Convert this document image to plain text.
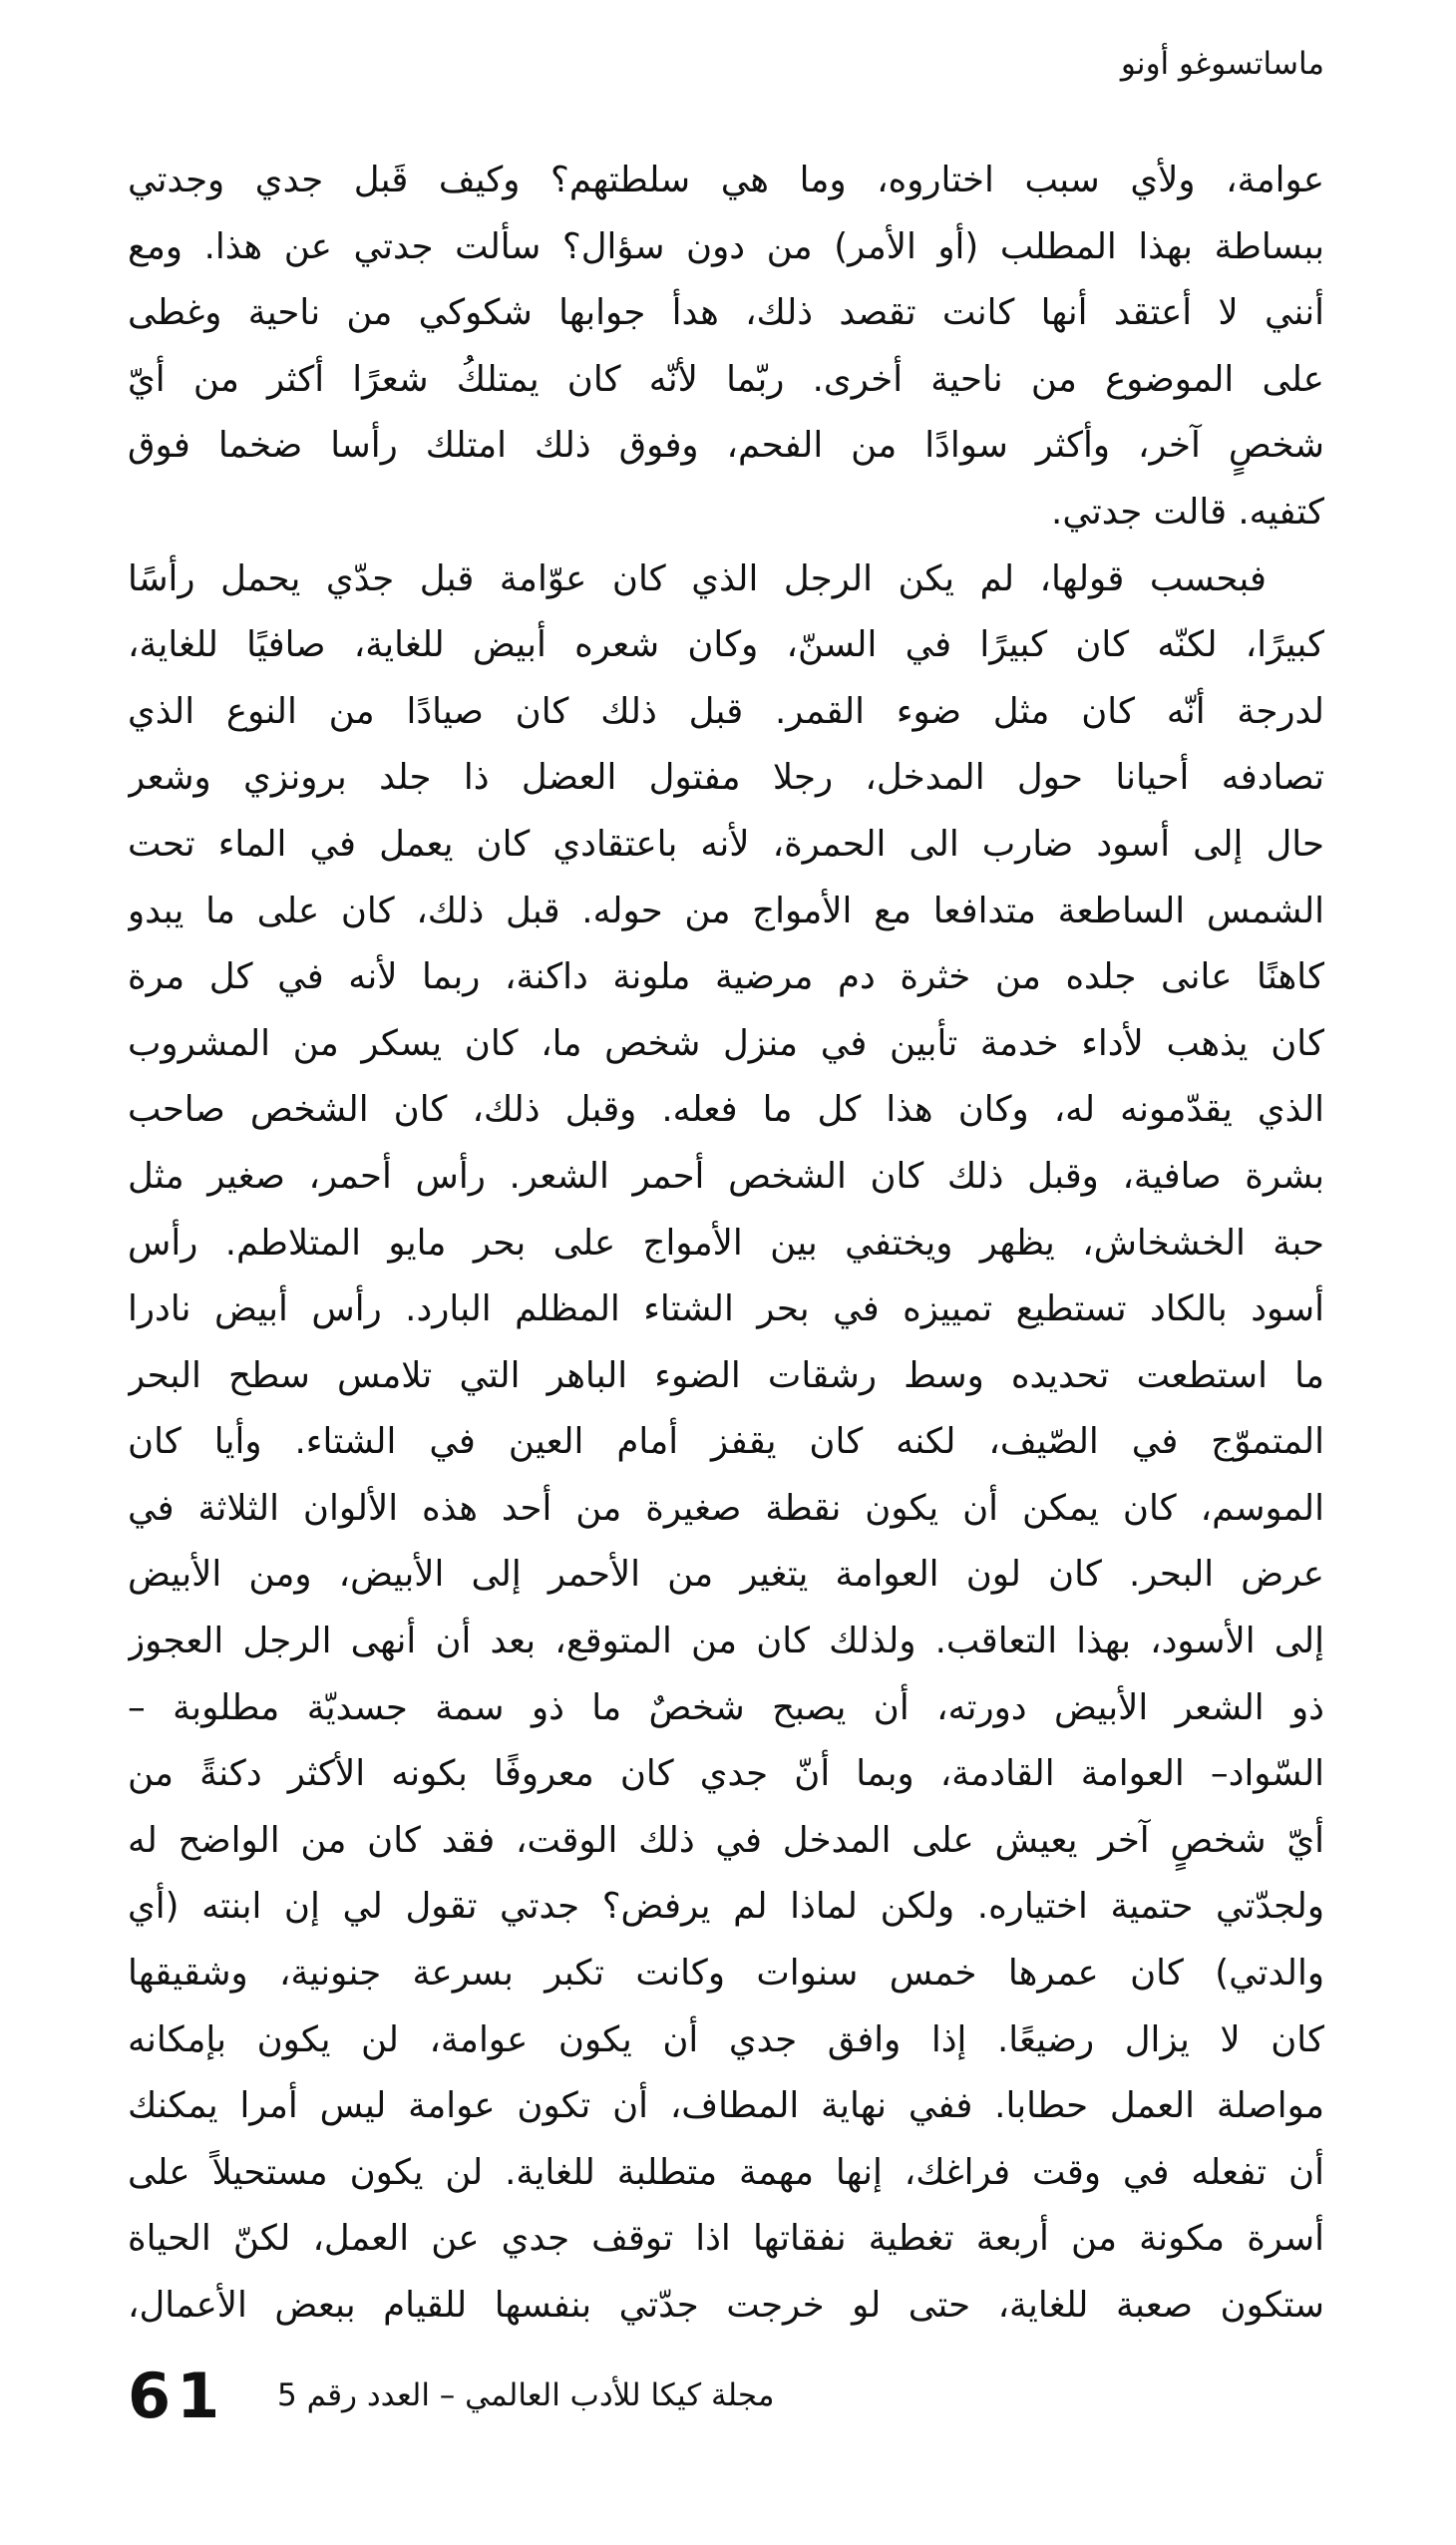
ماساتسوغو أونو
عوامة، ولأي سبب اختاروه، وما هي سلطتهم؟ وكيف قَبل جدي وجدتي
ببساطة بهذا المطلب (أو الأمر) من دون سؤال؟ سألت جدتي عن هذا. ومع
أنني لا أعتقد أنها كانت تقصد ذلك، هدأ جوابها شكوكي من ناحية وغطى
على الموضوع من ناحية أخرى. ربّما لأنّه كان يمتلكُ شعرًا أكثر من أيّ
شخصٍ آخر، وأكثر سوادًا من الفحم، وفوق ذلك امتلك رأسا ضخما فوق
كتفيه. قالت جدتي.
فبحسب قولها، لم يكن الرجل الذي كان عوّامة قبل جدّي يحمل رأسًا
كبيرًا، لكنّه كان كبيرًا في السنّ، وكان شعره أبيض للغاية، صافيًا للغاية،
لدرجة أنّه كان مثل ضوء القمر. قبل ذلك كان صيادًا من النوع الذي
تصادفه أحيانا حول المدخل، رجلا مفتول العضل ذا جلد برونزي وشعر
حال إلى أسود ضارب الى الحمرة، لأنه باعتقادي كان يعمل في الماء تحت
الشمس الساطعة متدافعا مع الأمواج من حوله. قبل ذلك، كان على ما يبدو
كاهنًا عانى جلده من خثرة دم مرضية ملونة داكنة، ربما لأنه في كل مرة
كان يذهب لأداء خدمة تأبين في منزل شخص ما، كان يسكر من المشروب
الذي يقدّمونه له، وكان هذا كل ما فعله. وقبل ذلك، كان الشخص صاحب
بشرة صافية، وقبل ذلك كان الشخص أحمر الشعر. رأس أحمر، صغير مثل
حبة الخشخاش، يظهر ويختفي بين الأمواج على بحر مايو المتلاطم. رأس
أسود بالكاد تستطيع تمييزه في بحر الشتاء المظلم البارد. رأس أبيض نادرا
ما استطعت تحديده وسط رشقات الضوء الباهر التي تلامس سطح البحر
المتموّج في الصّيف، لكنه كان يقفز أمام العين في الشتاء. وأيا كان
الموسم، كان يمكن أن يكون نقطة صغيرة من أحد هذه الألوان الثلاثة في
عرض البحر. كان لون العوامة يتغير من الأحمر إلى الأبيض، ومن الأبيض
إلى الأسود، بهذا التعاقب. ولذلك كان من المتوقع، بعد أن أنهى الرجل العجوز
ذو الشعر الأبيض دورته، أن يصبح شخصٌ ما ذو سمة جسديّة مطلوبة –
السّواد– العوامة القادمة، وبما أنّ جدي كان معروفًا بكونه الأكثر دكنةً من
أيّ شخصٍ آخر يعيش على المدخل في ذلك الوقت، فقد كان من الواضح له
ولجدّتي حتمية اختياره. ولكن لماذا لم يرفض؟ جدتي تقول لي إن ابنته (أي
والدتي) كان عمرها خمس سنوات وكانت تكبر بسرعة جنونية، وشقيقها
كان لا يزال رضيعًا. إذا وافق جدي أن يكون عوامة، لن يكون بإمكانه
مواصلة العمل حطابا. ففي نهاية المطاف، أن تكون عوامة ليس أمرا يمكنك
أن تفعله في وقت فراغك، إنها مهمة متطلبة للغاية. لن يكون مستحيلاً على
أسرة مكونة من أربعة تغطية نفقاتها اذا توقف جدي عن العمل، لكنّ الحياة
ستكون صعبة للغاية، حتى لو خرجت جدّتي بنفسها للقيام ببعض الأعمال،
61 مجلة كيكا للأدب العالمي – العدد رقم 5
